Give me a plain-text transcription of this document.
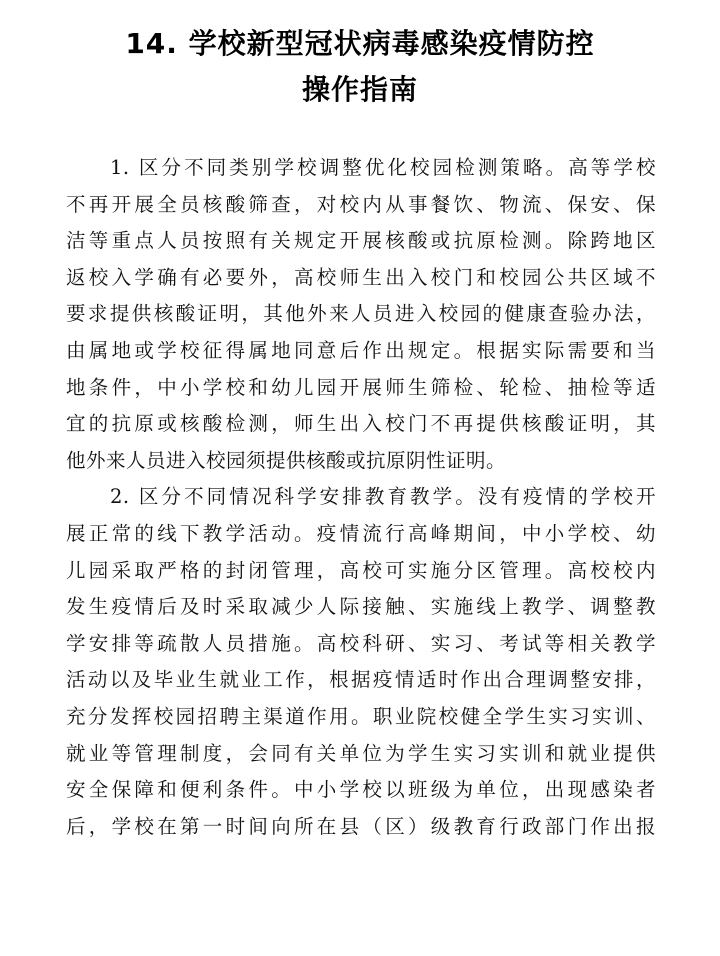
14. 学校新型冠状病毒感染疫情防控
操作指南
1. 区分不同类别学校调整优化校园检测策略。高等学校
不再开展全员核酸筛查，对校内从事餐饮、物流、保安、保
洁等重点人员按照有关规定开展核酸或抗原检测。除跨地区
返校入学确有必要外，高校师生出入校门和校园公共区域不
要求提供核酸证明，其他外来人员进入校园的健康查验办法，
由属地或学校征得属地同意后作出规定。根据实际需要和当
地条件，中小学校和幼儿园开展师生筛检、轮检、抽检等适
宜的抗原或核酸检测，师生出入校门不再提供核酸证明，其
他外来人员进入校园须提供核酸或抗原阴性证明。
2. 区分不同情况科学安排教育教学。没有疫情的学校开
展正常的线下教学活动。疫情流行高峰期间，中小学校、幼
儿园采取严格的封闭管理，高校可实施分区管理。高校校内
发生疫情后及时采取减少人际接触、实施线上教学、调整教
学安排等疏散人员措施。高校科研、实习、考试等相关教学
活动以及毕业生就业工作，根据疫情适时作出合理调整安排，
充分发挥校园招聘主渠道作用。职业院校健全学生实习实训、
就业等管理制度，会同有关单位为学生实习实训和就业提供
安全保障和便利条件。中小学校以班级为单位，出现感染者
后，学校在第一时间向所在县（区）级教育行政部门作出报
